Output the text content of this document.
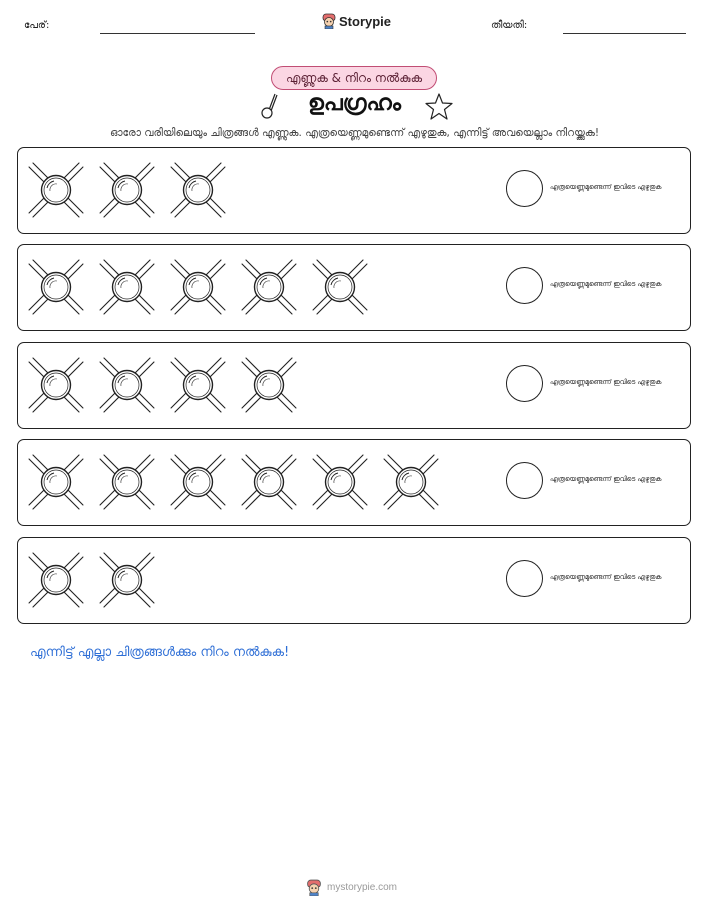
പേര്:	Storypie	തീയതി:
എണ്ണുക & നിറം നൽകുക
ഉപഗ്രഹം
ഓരോ വരിയിലെയും ചിത്രങ്ങൾ എണ്ണുക. എത്രയെണ്ണമുണ്ടെന്ന് എഴുതുക, എന്നിട്ട് അവയെല്ലാം നിറയ്ക്കുക!
എത്രയെണ്ണമുണ്ടെന്ന് ഇവിടെ എഴുതുക
എത്രയെണ്ണമുണ്ടെന്ന് ഇവിടെ എഴുതുക
എത്രയെണ്ണമുണ്ടെന്ന് ഇവിടെ എഴുതുക
എത്രയെണ്ണമുണ്ടെന്ന് ഇവിടെ എഴുതുക
എത്രയെണ്ണമുണ്ടെന്ന് ഇവിടെ എഴുതുക
എന്നിട്ട് എല്ലാ ചിത്രങ്ങൾക്കും നിറം നൽകുക!
mystorypie.com
